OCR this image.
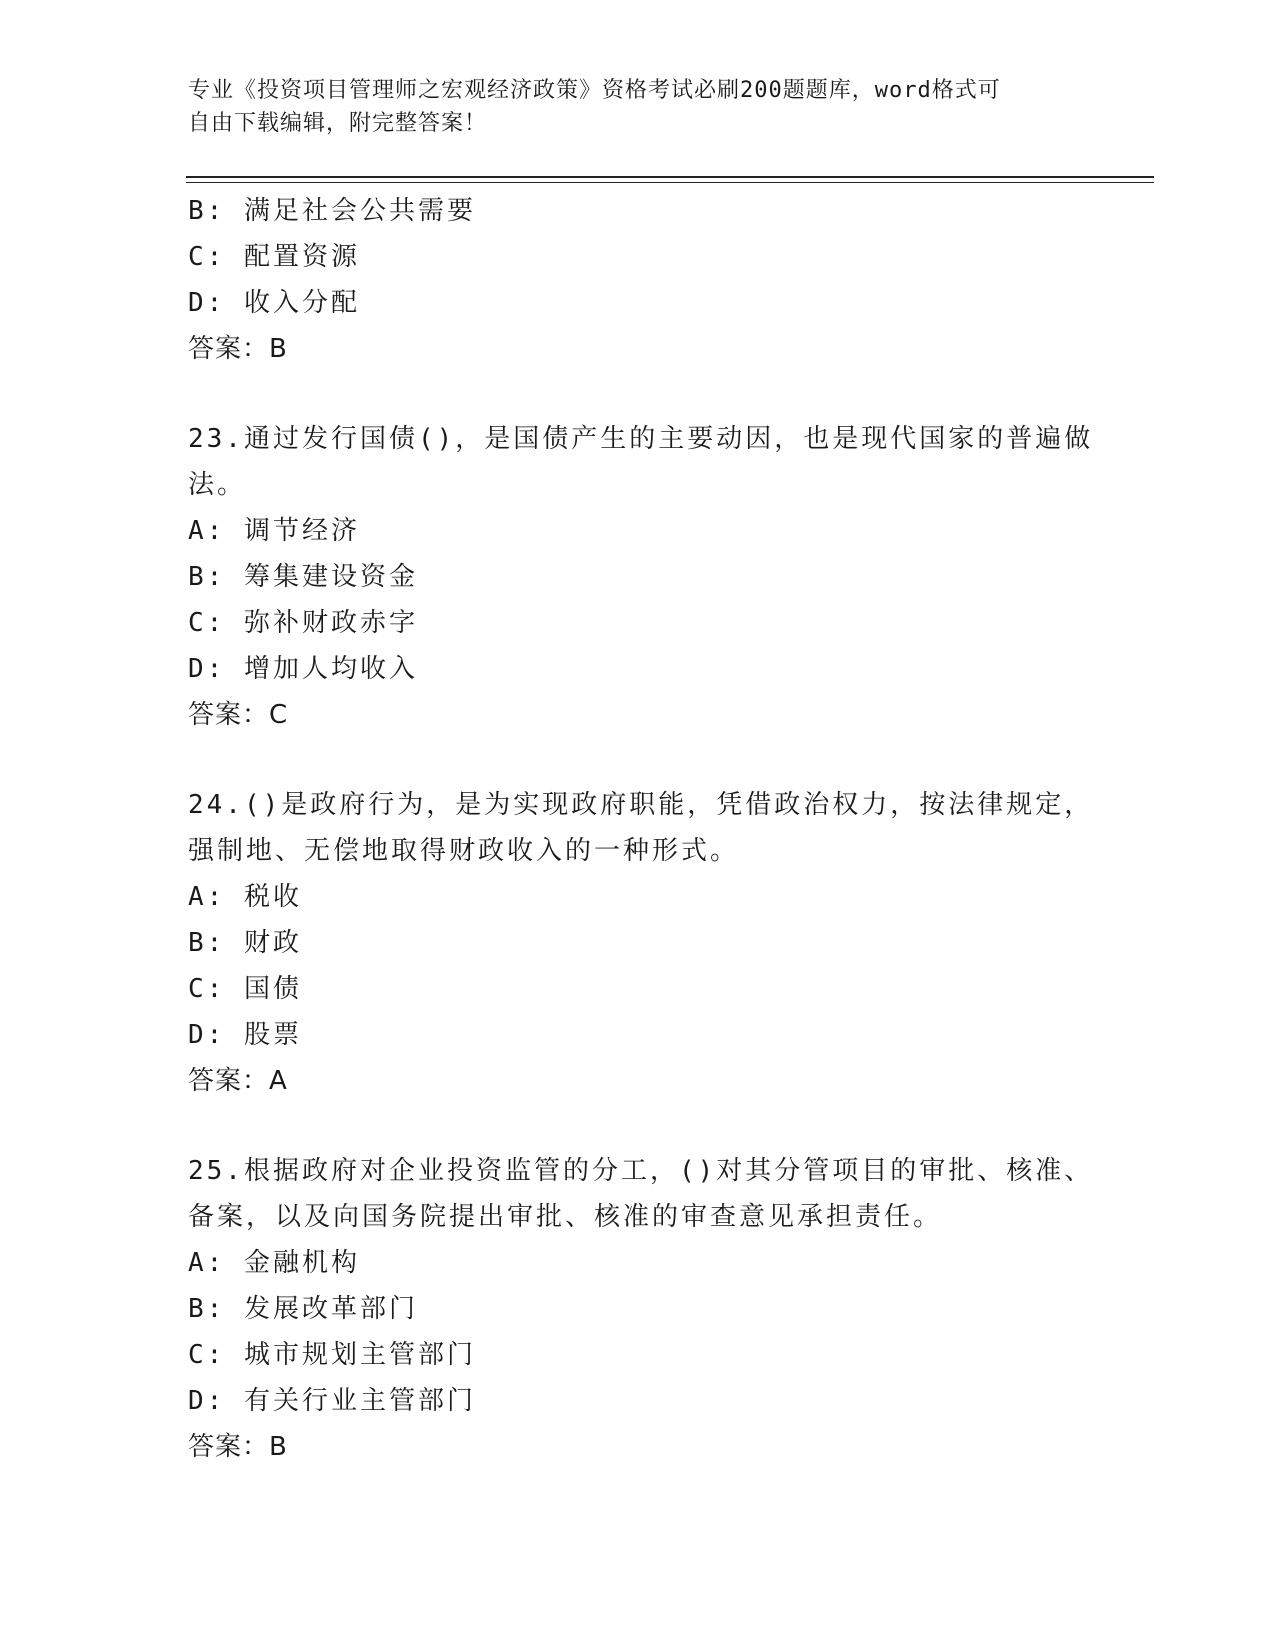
专业《投资项目管理师之宏观经济政策》资格考试必刷200题题库，word格式可
自由下载编辑，附完整答案！
B: 满足社会公共需要
C: 配置资源
D: 收入分配
答案：B
23.通过发行国债()，是国债产生的主要动因，也是现代国家的普遍做
法。
A: 调节经济
B: 筹集建设资金
C: 弥补财政赤字
D: 增加人均收入
答案：C
24.()是政府行为，是为实现政府职能，凭借政治权力，按法律规定，
强制地、无偿地取得财政收入的一种形式。
A: 税收
B: 财政
C: 国债
D: 股票
答案：A
25.根据政府对企业投资监管的分工，()对其分管项目的审批、核准、
备案，以及向国务院提出审批、核准的审查意见承担责任。
A: 金融机构
B: 发展改革部门
C: 城市规划主管部门
D: 有关行业主管部门
答案：B
